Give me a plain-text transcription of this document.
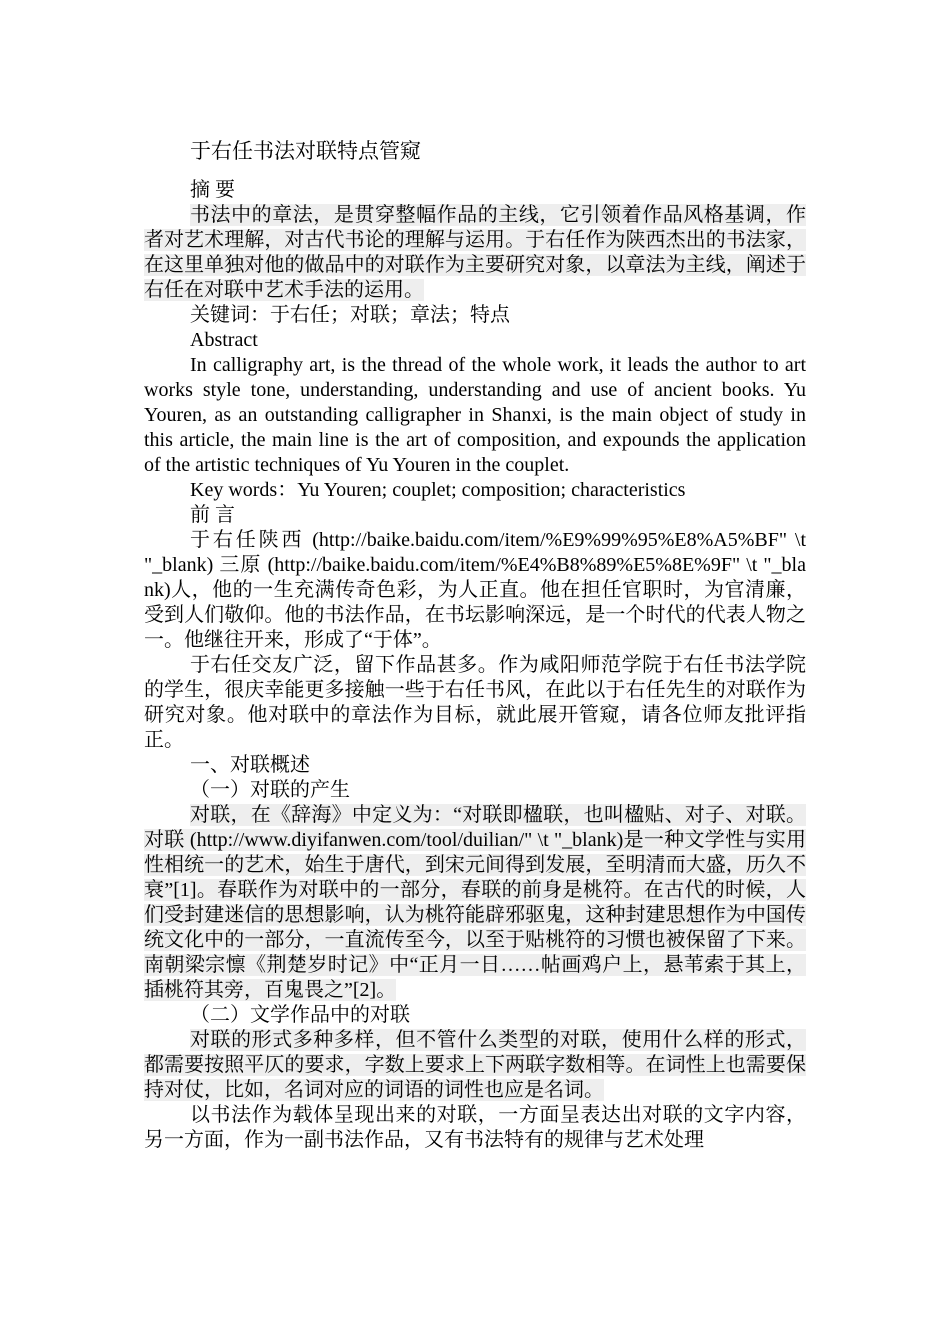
于右任书法对联特点管窥

摘 要

书法中的章法，是贯穿整幅作品的主线，它引领着作品风格基调，作者对艺术理解，对古代书论的理解与运用。于右任作为陕西杰出的书法家，在这里单独对他的做品中的对联作为主要研究对象，以章法为主线，阐述于右任在对联中艺术手法的运用。

关键词：于右任；对联；章法；特点

Abstract

In calligraphy art, is the thread of the whole work, it leads the author to art works style tone, understanding, understanding and use of ancient books. Yu Youren, as an outstanding calligrapher in Shanxi, is the main object of study in this article, the main line is the art of composition, and expounds the application of the artistic techniques of Yu Youren in the couplet.

Key words：Yu Youren; couplet; composition; characteristics

前 言

于右任陕西 (http://baike.baidu.com/item/%E9%99%95%E8%A5%BF" \t "_blank) 三原 (http://baike.baidu.com/item/%E4%B8%89%E5%8E%9F" \t "_blank)人，他的一生充满传奇色彩，为人正直。他在担任官职时，为官清廉，受到人们敬仰。他的书法作品，在书坛影响深远，是一个时代的代表人物之一。他继往开来，形成了“于体”。

于右任交友广泛，留下作品甚多。作为咸阳师范学院于右任书法学院的学生，很庆幸能更多接触一些于右任书风，在此以于右任先生的对联作为研究对象。他对联中的章法作为目标，就此展开管窥，请各位师友批评指正。

一、对联概述

（一）对联的产生

对联，在《辞海》中定义为：“对联即楹联，也叫楹贴、对子、对联。对联 (http://www.diyifanwen.com/tool/duilian/" \t "_blank)是一种文学性与实用性相统一的艺术，始生于唐代，到宋元间得到发展，至明清而大盛，历久不衰”[1]。春联作为对联中的一部分，春联的前身是桃符。在古代的时候，人们受封建迷信的思想影响，认为桃符能辟邪驱鬼，这种封建思想作为中国传统文化中的一部分，一直流传至今，以至于贴桃符的习惯也被保留了下来。南朝梁宗懔《荆楚岁时记》中“正月一日……帖画鸡户上，悬苇索于其上，插桃符其旁，百鬼畏之”[2]。

（二）文学作品中的对联

对联的形式多种多样，但不管什么类型的对联，使用什么样的形式，都需要按照平仄的要求，字数上要求上下两联字数相等。在词性上也需要保持对仗，比如，名词对应的词语的词性也应是名词。

以书法作为载体呈现出来的对联，一方面呈表达出对联的文字内容，另一方面，作为一副书法作品，又有书法特有的规律与艺术处理
